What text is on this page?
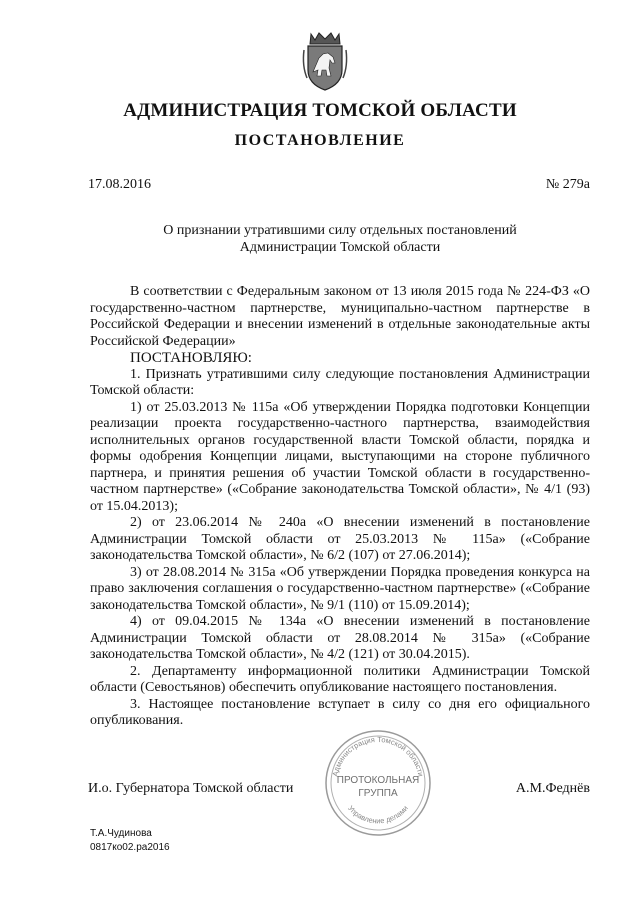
АДМИНИСТРАЦИЯ ТОМСКОЙ ОБЛАСТИ
ПОСТАНОВЛЕНИЕ
17.08.2016	№ 279а
О признании утратившими силу отдельных постановлений
Администрации Томской области

В соответствии с Федеральным законом от 13 июля 2015 года № 224-ФЗ «О государственно-частном партнерстве, муниципально-частном партнерстве в Российской Федерации и внесении изменений в отдельные законодательные акты Российской Федерации»

ПОСТАНОВЛЯЮ:

1. Признать утратившими силу следующие постановления Администрации Томской области:

1) от 25.03.2013 № 115а «Об утверждении Порядка подготовки Концепции реализации проекта государственно-частного партнерства, взаимодействия исполнительных органов государственной власти Томской области, порядка и формы одобрения Концепции лицами, выступающими на стороне публичного партнера, и принятия решения об участии Томской области в государственно-частном партнерстве» («Собрание законодательства Томской области», № 4/1 (93) от 15.04.2013);

2) от 23.06.2014 № 240а «О внесении изменений в постановление Администрации Томской области от 25.03.2013 № 115а» («Собрание законодательства Томской области», № 6/2 (107) от 27.06.2014);

3) от 28.08.2014 № 315а «Об утверждении Порядка проведения конкурса на право заключения соглашения о государственно-частном партнерстве» («Собрание законодательства Томской области», № 9/1 (110) от 15.09.2014);

4) от 09.04.2015 № 134а «О внесении изменений в постановление Администрации Томской области от 28.08.2014 № 315а» («Собрание законодательства Томской области», № 4/2 (121) от 30.04.2015).

2. Департаменту информационной политики Администрации Томской области (Севостьянов) обеспечить опубликование настоящего постановления.

3. Настоящее постановление вступает в силу со дня его официального опубликования.

Администрация Томской области
Управление делами
ПРОТОКОЛЬНАЯ
ГРУППА
И.о. Губернатора Томской области	А.М.Феднёв
Т.А.Чудинова
0817ко02.ра2016
